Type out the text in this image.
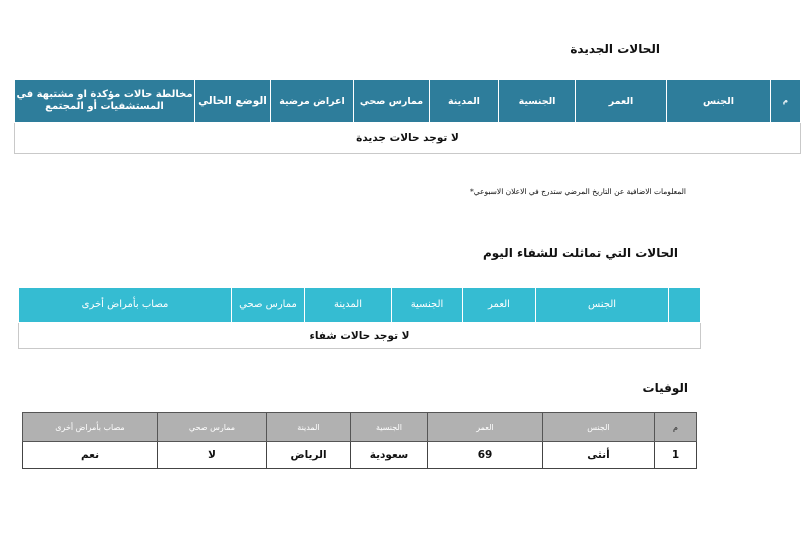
الحالات الجديدة
م	الجنس	العمر	الجنسية	المدينة	ممارس صحي	اعراض مرضية	الوضع الحالي	مخالطة حالات مؤكدة او مشتبهة في المستشفيات أو المجتمع
لا توجد حالات جديدة
المعلومات الاضافية عن التاريخ المرضي ستدرج في الاعلان الاسبوعي*
الحالات التي تماثلت للشفاء اليوم
	الجنس	العمر	الجنسية	المدينة	ممارس صحي	مصاب بأمراض أخرى
لا توجد حالات شفاء
الوفيات
م	الجنس	العمر	الجنسية	المدينة	ممارس صحي	مصاب بأمراض أخرى
1	أنثى	69	سعودية	الرياض	لا	نعم
